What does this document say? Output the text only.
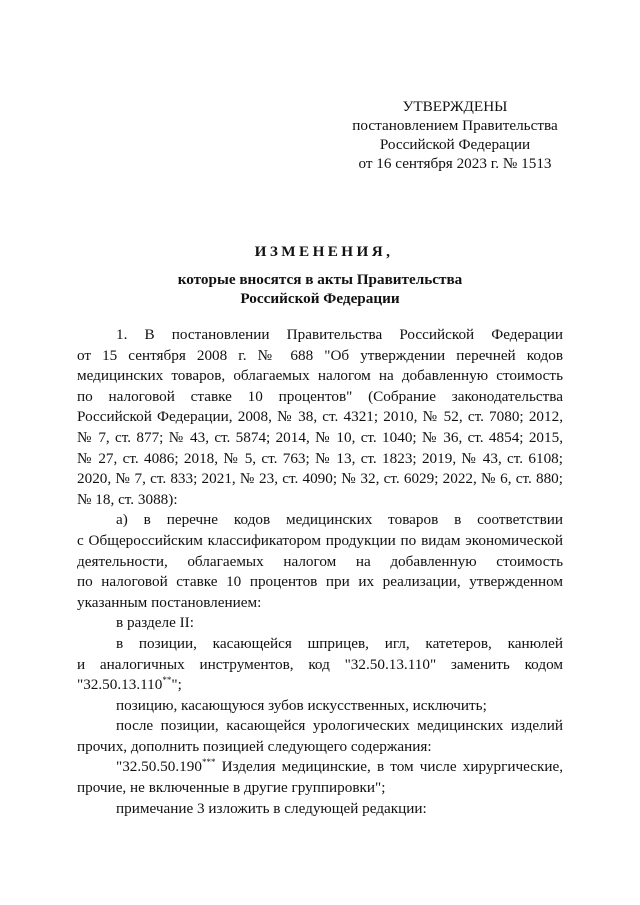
УТВЕРЖДЕНЫ
постановлением Правительства
Российской Федерации
от 16 сентября 2023 г. № 1513
ИЗМЕНЕНИЯ,
которые вносятся в акты Правительства
Российской Федерации
1. В постановлении Правительства Российской Федерации
от 15 сентября 2008 г. № 688 "Об утверждении перечней кодов
медицинских товаров, облагаемых налогом на добавленную стоимость
по налоговой ставке 10 процентов" (Собрание законодательства
Российской Федерации, 2008, № 38, ст. 4321; 2010, № 52, ст. 7080; 2012,
№ 7, ст. 877; № 43, ст. 5874; 2014, № 10, ст. 1040; № 36, ст. 4854; 2015,
№ 27, ст. 4086; 2018, № 5, ст. 763; № 13, ст. 1823; 2019, № 43, ст. 6108;
2020, № 7, ст. 833; 2021, № 23, ст. 4090; № 32, ст. 6029; 2022, № 6, ст. 880;
№ 18, ст. 3088):
а) в перечне кодов медицинских товаров в соответствии
с Общероссийским классификатором продукции по видам экономической
деятельности, облагаемых налогом на добавленную стоимость
по налоговой ставке 10 процентов при их реализации, утвержденном
указанным постановлением:
в разделе II:
в позиции, касающейся шприцев, игл, катетеров, канюлей
и аналогичных инструментов, код "32.50.13.110" заменить кодом
"32.50.13.110**";
позицию, касающуюся зубов искусственных, исключить;
после позиции, касающейся урологических медицинских изделий
прочих, дополнить позицией следующего содержания:
"32.50.50.190*** Изделия медицинские, в том числе хирургические,
прочие, не включенные в другие группировки";
примечание 3 изложить в следующей редакции:
